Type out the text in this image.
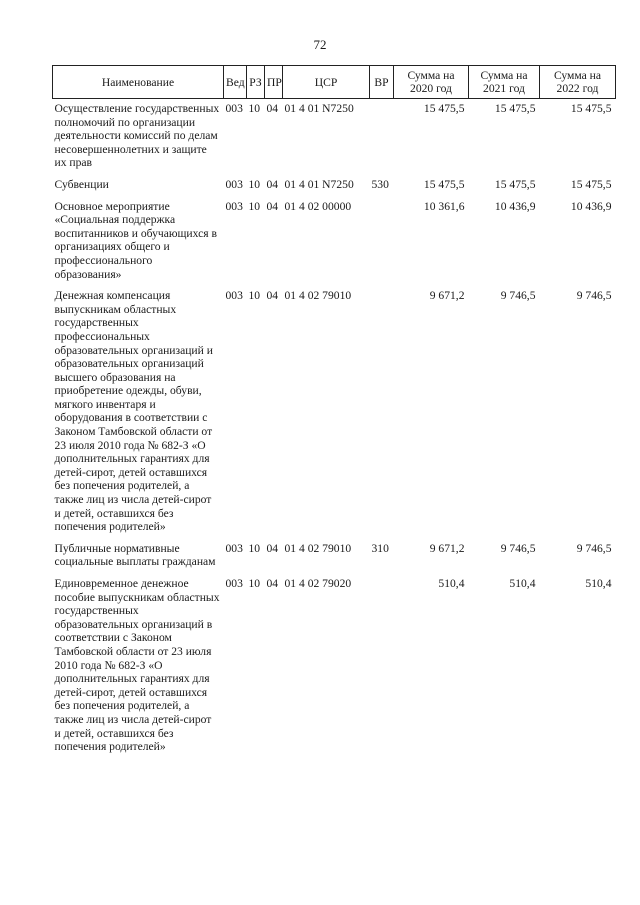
72
Наименование	Вед	РЗ	ПР	ЦСР	ВР	Сумма на 2020 год	Сумма на 2021 год	Сумма на 2022 год
Осуществление государственных полномочий по организации деятельности комиссий по делам несовершеннолетних и защите их прав	003	10	04	01 4 01 N7250		15 475,5	15 475,5	15 475,5
Субвенции	003	10	04	01 4 01 N7250	530	15 475,5	15 475,5	15 475,5
Основное мероприятие «Социальная поддержка воспитанников и обучающихся в организациях общего и профессионального образования»	003	10	04	01 4 02 00000		10 361,6	10 436,9	10 436,9
Денежная компенсация выпускникам областных государственных профессиональных образовательных организаций и образовательных организаций высшего образования на приобретение одежды, обуви, мягкого инвентаря и оборудования в соответствии с Законом Тамбовской области от 23 июля 2010 года № 682-З «О дополнительных гарантиях для детей-сирот, детей оставшихся без попечения родителей, а также лиц из числа детей-сирот и детей, оставшихся без попечения родителей»	003	10	04	01 4 02 79010		9 671,2	9 746,5	9 746,5
Публичные нормативные социальные выплаты гражданам	003	10	04	01 4 02 79010	310	9 671,2	9 746,5	9 746,5
Единовременное денежное пособие выпускникам областных государственных образовательных организаций в соответствии с Законом Тамбовской области от 23 июля 2010 года № 682-З «О дополнительных гарантиях для детей-сирот, детей оставшихся без попечения родителей, а также лиц из числа детей-сирот и детей, оставшихся без попечения родителей»	003	10	04	01 4 02 79020		510,4	510,4	510,4
